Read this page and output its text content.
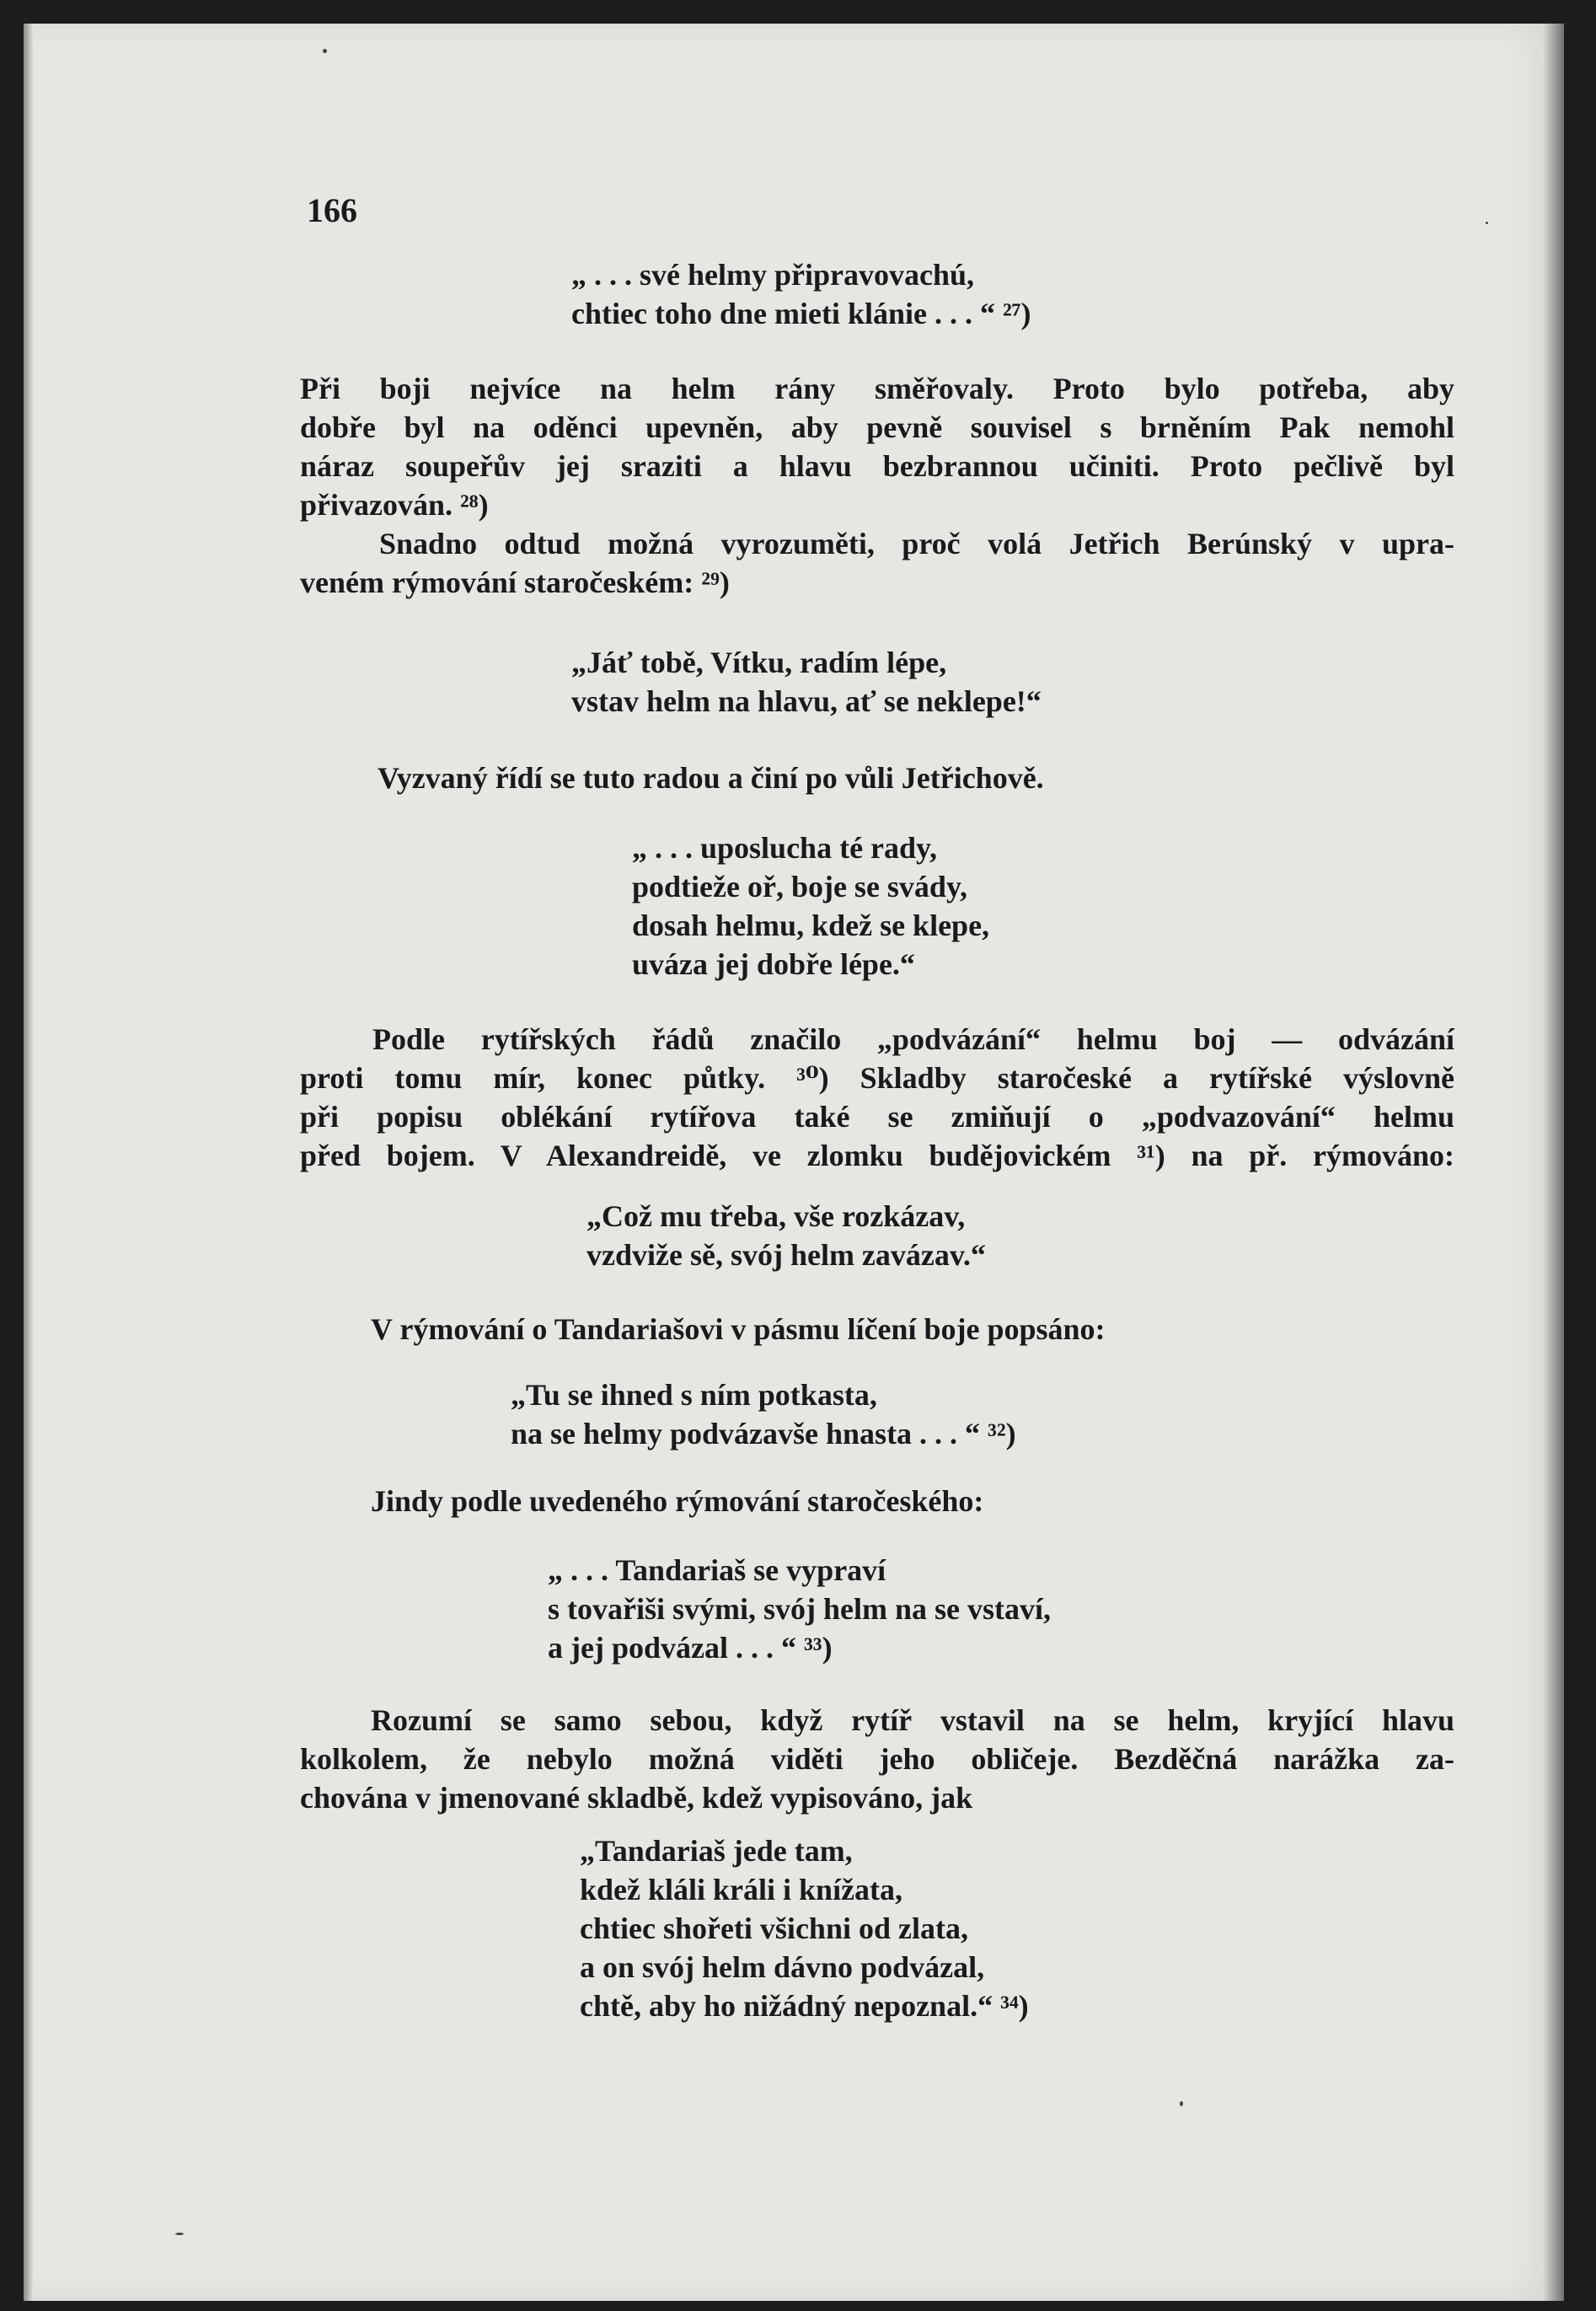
166

„ . . . své helmy připravovachú,
chtiec toho dne mieti klánie . . . “ ²⁷)
Při boji nejvíce na helm rány směřovaly. Proto bylo potřeba, aby
dobře byl na oděnci upevněn, aby pevně souvisel s brněním Pak nemohl
náraz soupeřův jej sraziti a hlavu bezbrannou učiniti. Proto pečlivě byl
přivazován. ²⁸)
Snadno odtud možná vyrozuměti, proč volá Jetřich Berúnský v upra-
veném rýmování staročeském: ²⁹)
„Jáť tobě, Vítku, radím lépe,
vstav helm na hlavu, ať se neklepe!“
Vyzvaný řídí se tuto radou a činí po vůli Jetřichově.
„ . . . uposlucha té rady,
podtieže oř, boje se svády,
dosah helmu, kdež se klepe,
uváza jej dobře lépe.“
Podle rytířských řádů značilo „podvázání“ helmu boj — odvázání
proti tomu mír, konec půtky. ³⁰) Skladby staročeské a rytířské výslovně
při popisu oblékání rytířova také se zmiňují o „podvazování“ helmu
před bojem. V Alexandreidě, ve zlomku budějovickém ³¹) na př. rýmováno:
„Což mu třeba, vše rozkázav,
vzdviže sě, svój helm zavázav.“
V rýmování o Tandariašovi v pásmu líčení boje popsáno:
„Tu se ihned s ním potkasta,
na se helmy podvázavše hnasta . . . “ ³²)
Jindy podle uvedeného rýmování staročeského:
„ . . . Tandariaš se vypraví
s tovařiši svými, svój helm na se vstaví,
a jej podvázal . . . “ ³³)
Rozumí se samo sebou, když rytíř vstavil na se helm, kryjící hlavu
kolkolem, že nebylo možná viděti jeho obličeje. Bezděčná narážka za-
chována v jmenované skladbě, kdež vypisováno, jak
„Tandariaš jede tam,
kdež kláli králi i knížata,
chtiec shořeti všichni od zlata,
a on svój helm dávno podvázal,
chtě, aby ho nižádný nepoznal.“ ³⁴)
